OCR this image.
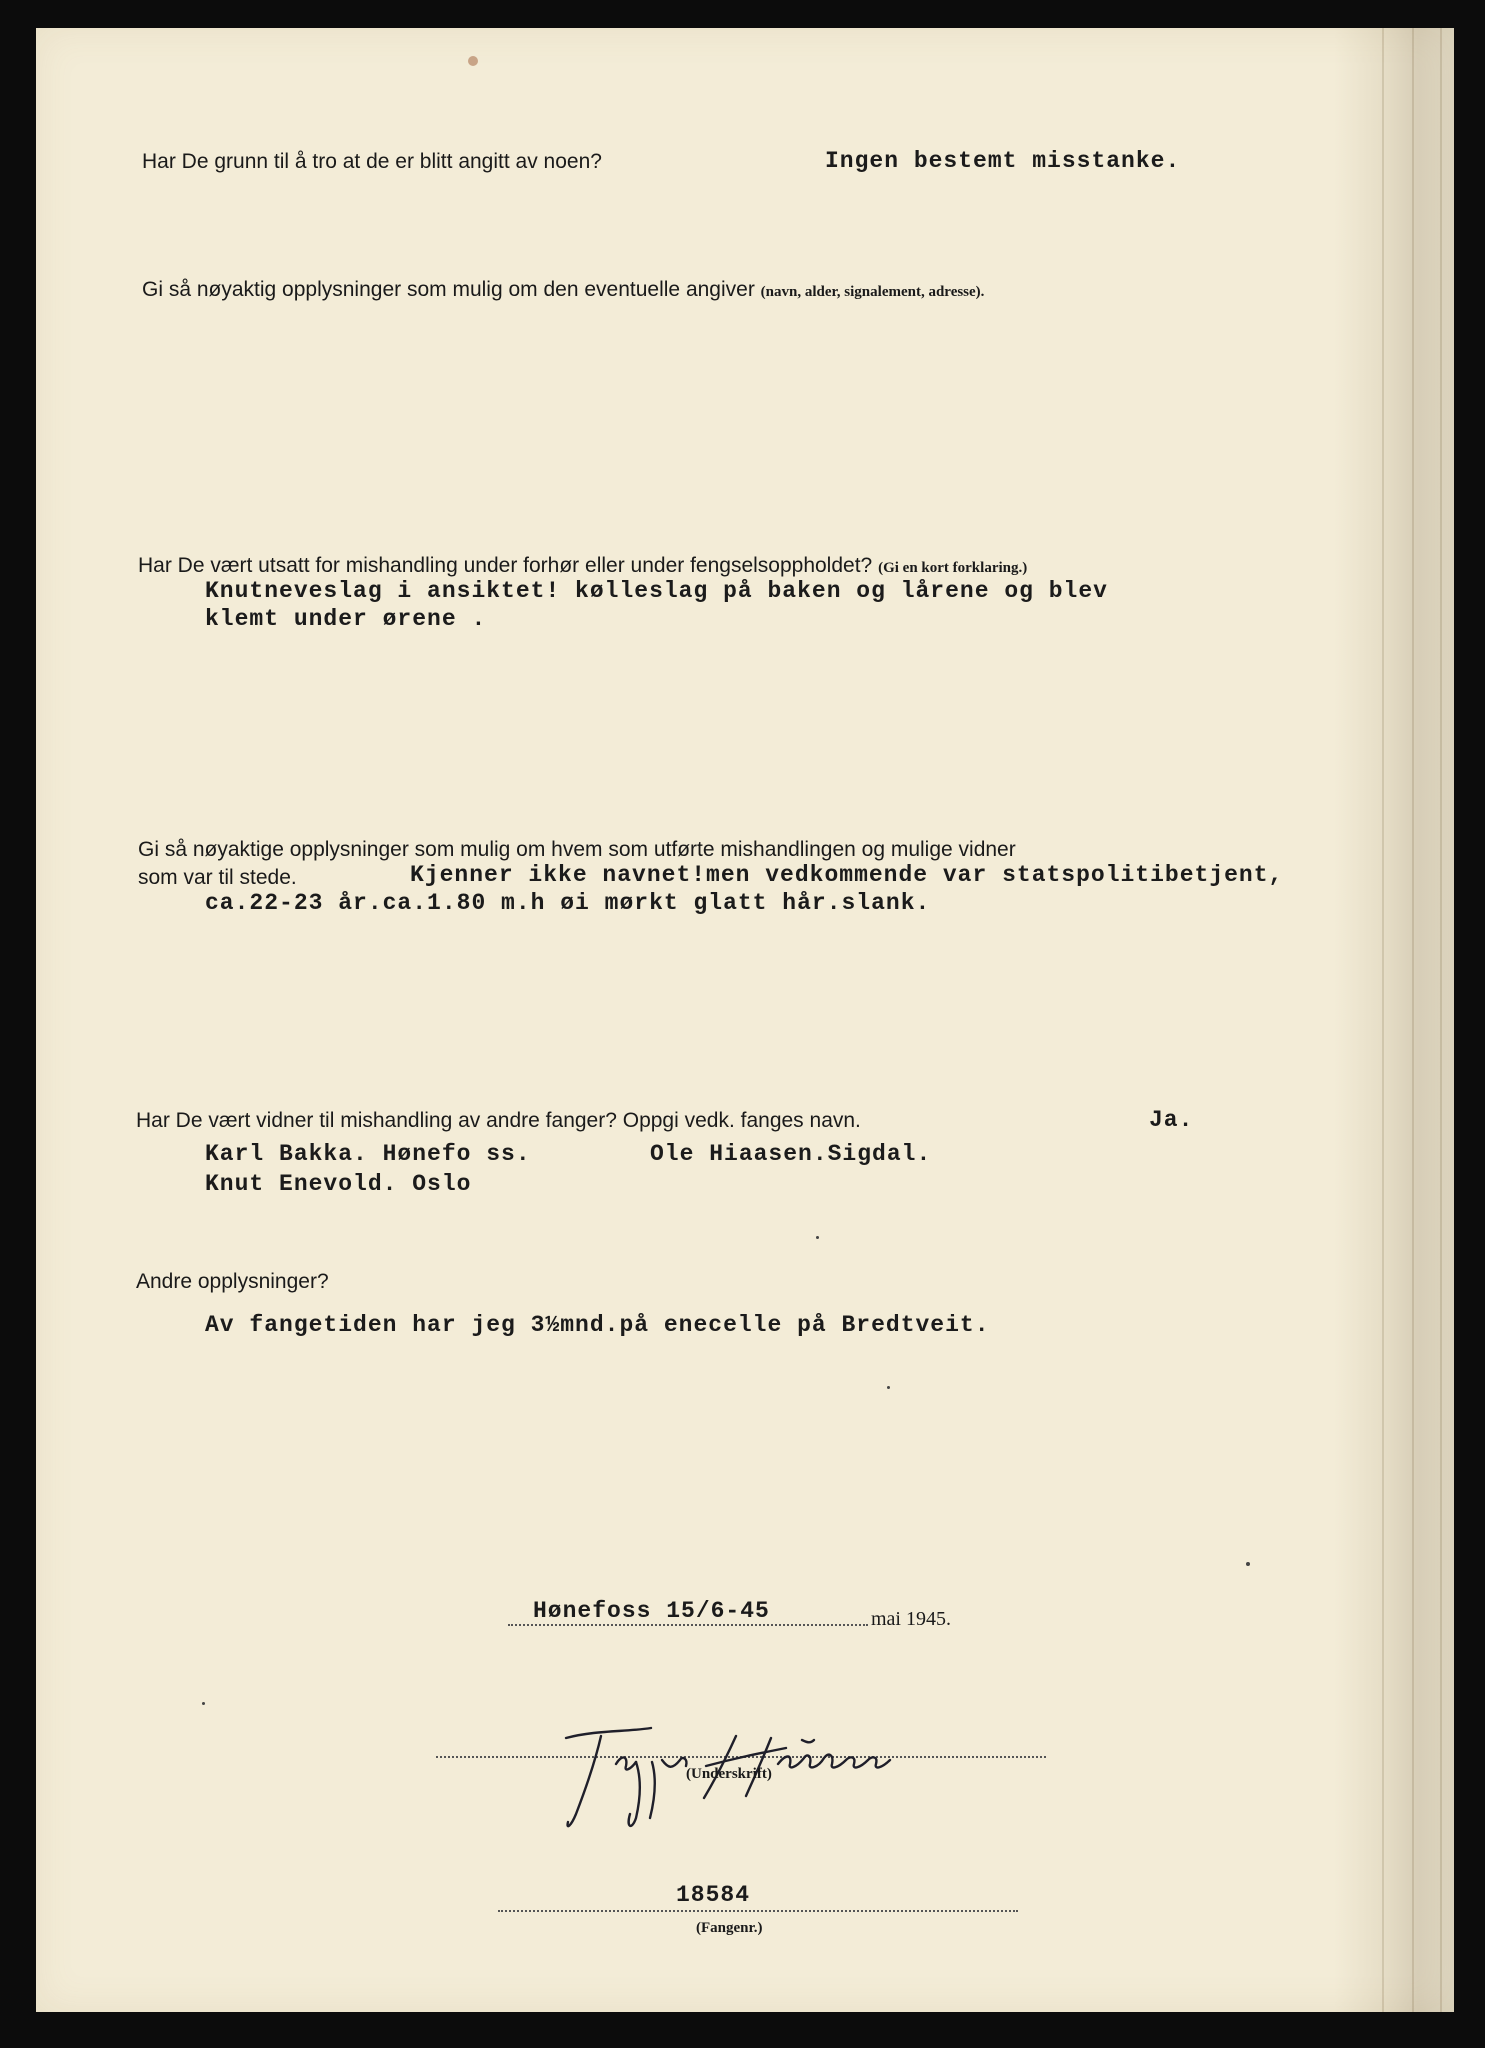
Har De grunn til å tro at de er blitt angitt av noen?	Ingen bestemt misstanke.
Gi så nøyaktig opplysninger som mulig om den eventuelle angiver (navn, alder, signalement, adresse).
Har De vært utsatt for mishandling under forhør eller under fengselsoppholdet? (Gi en kort forklaring.)
Knutneveslag i ansiktet! kølleslag på baken og lårene og blev
klemt under ørene .
Gi så nøyaktige opplysninger som mulig om hvem som utførte mishandlingen og mulige vidner
som var til stede.	Kjenner ikke navnet!men vedkommende var statspolitibetjent,
ca.22-23 år.ca.1.80 m.h øi mørkt glatt hår.slank.
Har De vært vidner til mishandling av andre fanger? Oppgi vedk. fanges navn.	Ja.
Karl Bakka. Hønefo ss.	Ole Hiaasen.Sigdal.
Knut Enevold. Oslo
Andre opplysninger?
Av fangetiden har jeg 3½mnd.på enecelle på Bredtveit.
Hønefoss 15/6-45	mai 1945.
(Underskrift)
18584
(Fangenr.)
